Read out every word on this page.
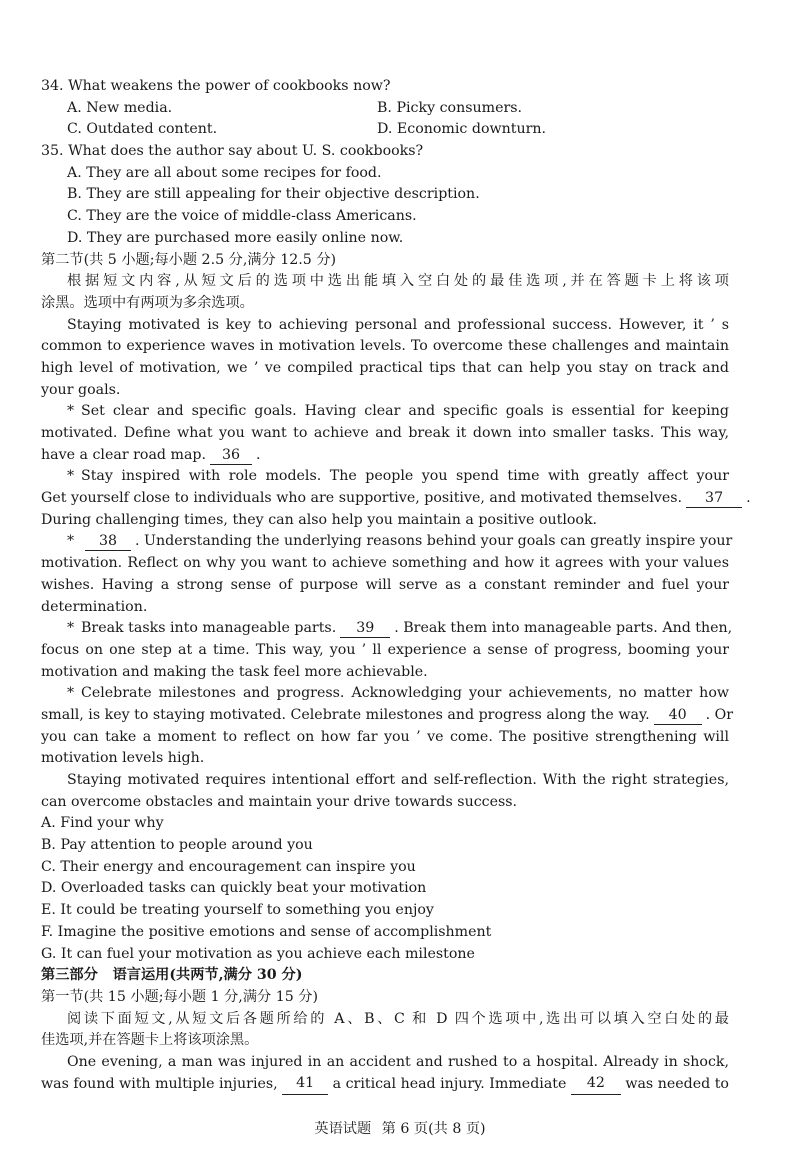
34. What weakens the power of cookbooks now?
A. New media.	B. Picky consumers.
C. Outdated content.	D. Economic downturn.
35. What does the author say about U. S. cookbooks?
A. They are all about some recipes for food.
B. They are still appealing for their objective description.
C. They are the voice of middle-class Americans.
D. They are purchased more easily online now.
第二节(共 5 小题;每小题 2.5 分,满分 12.5 分)
根据短文内容,从短文后的选项中选出能填入空白处的最佳选项,并在答题卡上将该项
涂黑。选项中有两项为多余选项。
Staying motivated is key to achieving personal and professional success. However, it ’ s
common to experience waves in motivation levels. To overcome these challenges and maintain
high level of motivation, we ’ ve compiled practical tips that can help you stay on track and
your goals.
* Set clear and specific goals. Having clear and specific goals is essential for keeping
motivated. Define what you want to achieve and break it down into smaller tasks. This way,
have a clear road map. 36 .
* Stay inspired with role models. The people you spend time with greatly affect your
Get yourself close to individuals who are supportive, positive, and motivated themselves. 37 .
During challenging times, they can also help you maintain a positive outlook.
* 38 . Understanding the underlying reasons behind your goals can greatly inspire your
motivation. Reflect on why you want to achieve something and how it agrees with your values
wishes. Having a strong sense of purpose will serve as a constant reminder and fuel your
determination.
* Break tasks into manageable parts. 39 . Break them into manageable parts. And then,
focus on one step at a time. This way, you ’ ll experience a sense of progress, booming your
motivation and making the task feel more achievable.
* Celebrate milestones and progress. Acknowledging your achievements, no matter how
small, is key to staying motivated. Celebrate milestones and progress along the way. 40 . Or
you can take a moment to reflect on how far you ’ ve come. The positive strengthening will
motivation levels high.
Staying motivated requires intentional effort and self-reflection. With the right strategies,
can overcome obstacles and maintain your drive towards success.
A. Find your why
B. Pay attention to people around you
C. Their energy and encouragement can inspire you
D. Overloaded tasks can quickly beat your motivation
E. It could be treating yourself to something you enjoy
F. Imagine the positive emotions and sense of accomplishment
G. It can fuel your motivation as you achieve each milestone
第三部分   语言运用(共两节,满分 30 分)
第一节(共 15 小题;每小题 1 分,满分 15 分)
阅读下面短文,从短文后各题所给的 A、B、C 和 D 四个选项中,选出可以填入空白处的最
佳选项,并在答题卡上将该项涂黑。
One evening, a man was injured in an accident and rushed to a hospital. Already in shock,
was found with multiple injuries,	41	a critical head injury. Immediate	42	was needed to
英语试题 第 6 页(共 8 页)
